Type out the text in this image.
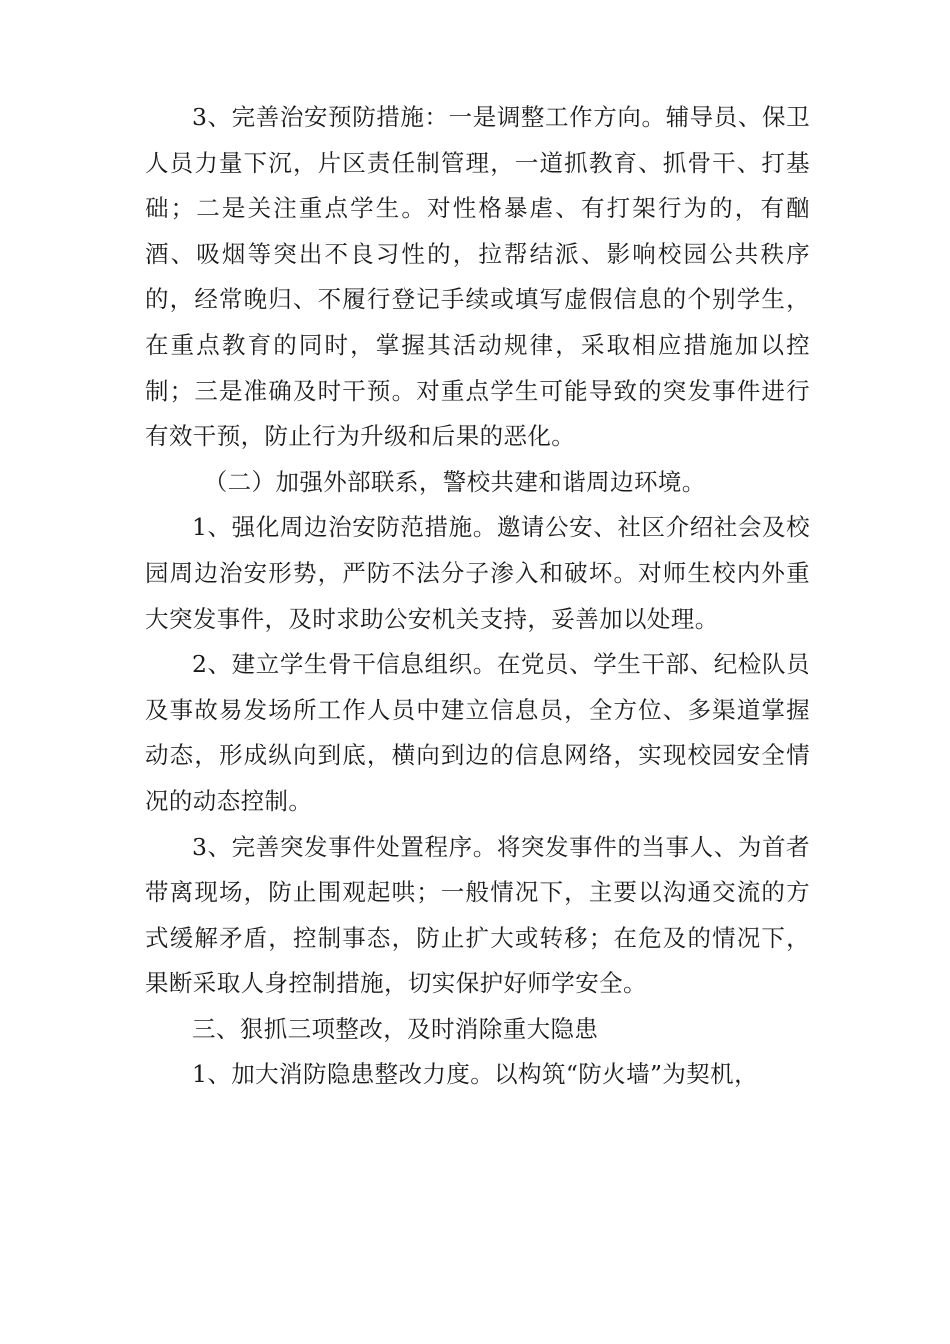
3、完善治安预防措施：一是调整工作方向。辅导员、保卫人员力量下沉，片区责任制管理，一道抓教育、抓骨干、打基础；二是关注重点学生。对性格暴虐、有打架行为的，有酗酒、吸烟等突出不良习性的，拉帮结派、影响校园公共秩序的，经常晚归、不履行登记手续或填写虚假信息的个别学生，在重点教育的同时，掌握其活动规律，采取相应措施加以控制；三是准确及时干预。对重点学生可能导致的突发事件进行有效干预，防止行为升级和后果的恶化。

（二）加强外部联系，警校共建和谐周边环境。

1、强化周边治安防范措施。邀请公安、社区介绍社会及校园周边治安形势，严防不法分子渗入和破坏。对师生校内外重大突发事件，及时求助公安机关支持，妥善加以处理。

2、建立学生骨干信息组织。在党员、学生干部、纪检队员及事故易发场所工作人员中建立信息员，全方位、多渠道掌握动态，形成纵向到底，横向到边的信息网络，实现校园安全情况的动态控制。

3、完善突发事件处置程序。将突发事件的当事人、为首者带离现场，防止围观起哄；一般情况下，主要以沟通交流的方式缓解矛盾，控制事态，防止扩大或转移；在危及的情况下，果断采取人身控制措施，切实保护好师学安全。

三、狠抓三项整改，及时消除重大隐患

1、加大消防隐患整改力度。以构筑“防火墙”为契机，
